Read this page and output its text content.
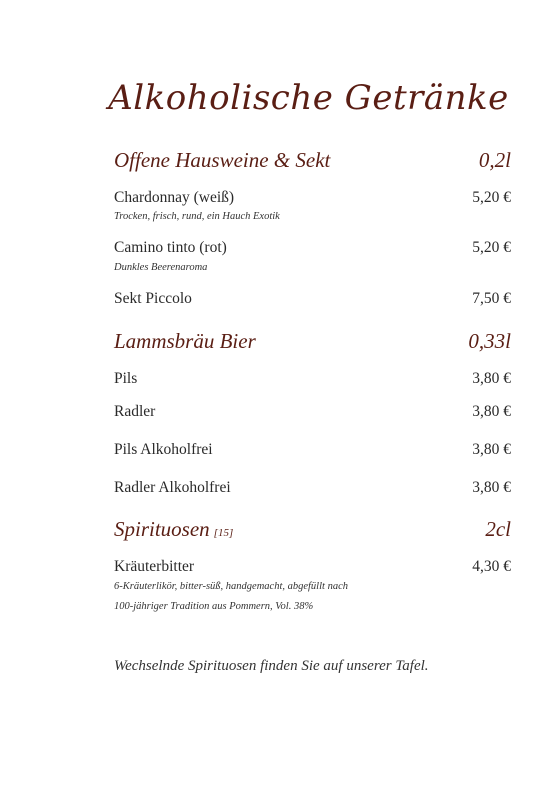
Alkoholische Getränke
Offene Hausweine & Sekt	0,2l
Chardonnay (weiß)	5,20 €
Trocken, frisch, rund, ein Hauch Exotik
Camino tinto (rot)	5,20 €
Dunkles Beerenaroma
Sekt Piccolo	7,50 €
Lammsbräu Bier	0,33l
Pils	3,80 €
Radler	3,80 €
Pils Alkoholfrei	3,80 €
Radler Alkoholfrei	3,80 €
Spirituosen [15]	2cl
Kräuterbitter	4,30 €
6-Kräuterlikör, bitter-süß, handgemacht, abgefüllt nach
100-jähriger Tradition aus Pommern, Vol. 38%
Wechselnde Spirituosen finden Sie auf unserer Tafel.
